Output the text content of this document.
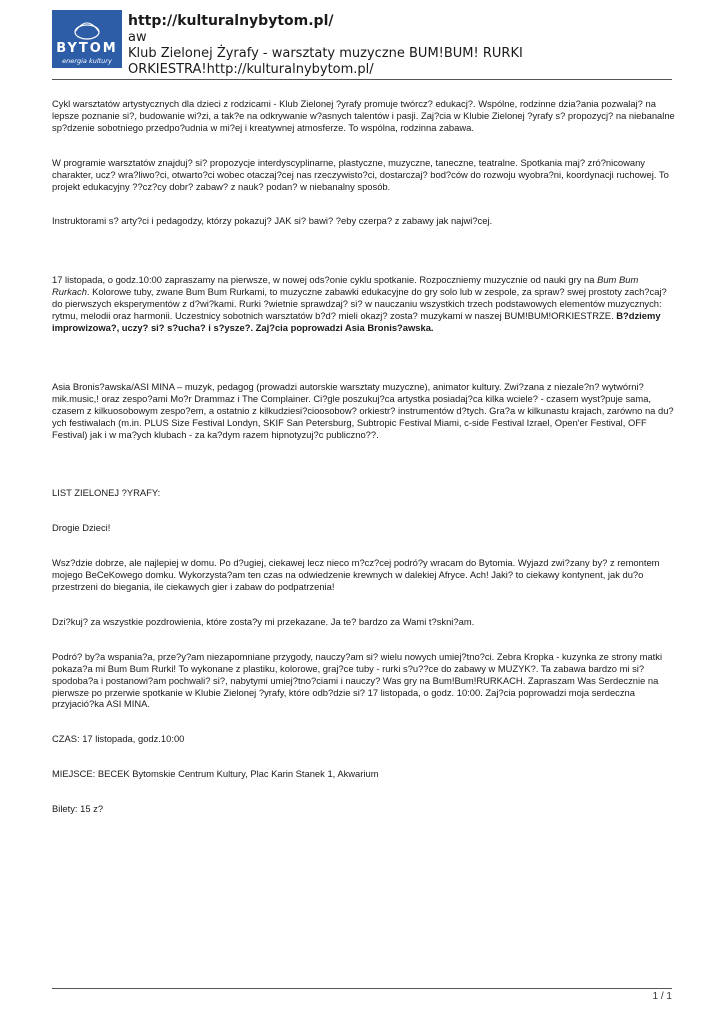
BYTOM
energia kultury
http://kulturalnybytom.pl/
aw
Klub Zielonej Żyrafy - warsztaty muzyczne BUM!BUM! RURKI ORKIESTRA!http://kulturalnybytom.pl/

Cykl warsztatów artystycznych dla dzieci z rodzicami - Klub Zielonej ?yrafy promuje twórcz? edukacj?. Wspólne, rodzinne dzia?ania pozwalaj? na lepsze poznanie si?, budowanie wi?zi, a tak?e na odkrywanie w?asnych talentów i pasji. Zaj?cia w Klubie Zielonej ?yrafy s? propozycj? na niebanalne sp?dzenie sobotniego przedpo?udnia w mi?ej i kreatywnej atmosferze. To wspólna, rodzinna zabawa.

W programie warsztatów znajduj? si? propozycje interdyscyplinarne, plastyczne, muzyczne, taneczne, teatralne. Spotkania maj? zró?nicowany charakter, ucz? wra?liwo?ci, otwarto?ci wobec otaczaj?cej nas rzeczywisto?ci, dostarczaj? bod?ców do rozwoju wyobra?ni, koordynacji ruchowej. To projekt edukacyjny ??cz?cy dobr? zabaw? z nauk? podan? w niebanalny sposób.

Instruktorami s? arty?ci i pedagodzy, którzy pokazuj? JAK si? bawi? ?eby czerpa? z zabawy jak najwi?cej.

17 listopada, o godz.10:00 zapraszamy na pierwsze, w nowej ods?onie cyklu spotkanie. Rozpoczniemy muzycznie od nauki gry na Bum Bum Rurkach. Kolorowe tuby, zwane Bum Bum Rurkami, to muzyczne zabawki edukacyjne do gry solo lub w zespole, za spraw? swej prostoty zach?caj? do pierwszych eksperymentów z d?wi?kami. Rurki ?wietnie sprawdzaj? si? w nauczaniu wszystkich trzech podstawowych elementów muzycznych: rytmu, melodii oraz harmonii. Uczestnicy sobotnich warsztatów b?d? mieli okazj? zosta? muzykami w naszej BUM!BUM!ORKIESTRZE. B?dziemy improwizowa?, uczy? si? s?ucha? i s?ysze?. Zaj?cia poprowadzi Asia Bronis?awska.

Asia Bronis?awska/ASI MINA – muzyk, pedagog (prowadzi autorskie warsztaty muzyczne), animator kultury. Zwi?zana z niezale?n? wytwórni? mik.music,! oraz zespo?ami Mo?r Drammaz i The Complainer. Ci?gle poszukuj?ca artystka posiadaj?ca kilka wciele? - czasem wyst?puje sama, czasem z kilkuosobowym zespo?em, a ostatnio z kilkudziesi?cioosobow? orkiestr? instrumentów d?tych. Gra?a w kilkunastu krajach, zarówno na du?ych festiwalach (m.in. PLUS Size Festival Londyn, SKIF San Petersburg, Subtropic Festival Miami, c-side Festival Izrael, Open'er Festival, OFF Festival) jak i w ma?ych klubach - za ka?dym razem hipnotyzuj?c publiczno??.

LIST ZIELONEJ ?YRAFY:

Drogie Dzieci!

Wsz?dzie dobrze, ale najlepiej w domu. Po d?ugiej, ciekawej lecz nieco m?cz?cej podró?y wracam do Bytomia. Wyjazd zwi?zany by? z remontem mojego BeCeKowego domku. Wykorzysta?am ten czas na odwiedzenie krewnych w dalekiej Afryce. Ach! Jaki? to ciekawy kontynent, jak du?o przestrzeni do biegania, ile ciekawych gier i zabaw do podpatrzenia!

Dzi?kuj? za wszystkie pozdrowienia, które zosta?y mi przekazane. Ja te? bardzo za Wami t?skni?am.

Podró? by?a wspania?a, prze?y?am niezapomniane przygody, nauczy?am si? wielu nowych umiej?tno?ci. Zebra Kropka - kuzynka ze strony matki pokaza?a mi Bum Bum Rurki! To wykonane z plastiku, kolorowe, graj?ce tuby - rurki s?u??ce do zabawy w MUZYK?. Ta zabawa bardzo mi si? spodoba?a i postanowi?am pochwali? si?, nabytymi umiej?tno?ciami i nauczy? Was gry na Bum!Bum!RURKACH. Zapraszam Was Serdecznie na pierwsze po przerwie spotkanie w Klubie Zielonej ?yrafy, które odb?dzie si? 17 listopada, o godz. 10:00. Zaj?cia poprowadzi moja serdeczna przyjació?ka ASI MINA.

CZAS: 17 listopada, godz.10:00

MIEJSCE: BECEK Bytomskie Centrum Kultury, Plac Karin Stanek 1, Akwarium

Bilety: 15 z?

1 / 1
